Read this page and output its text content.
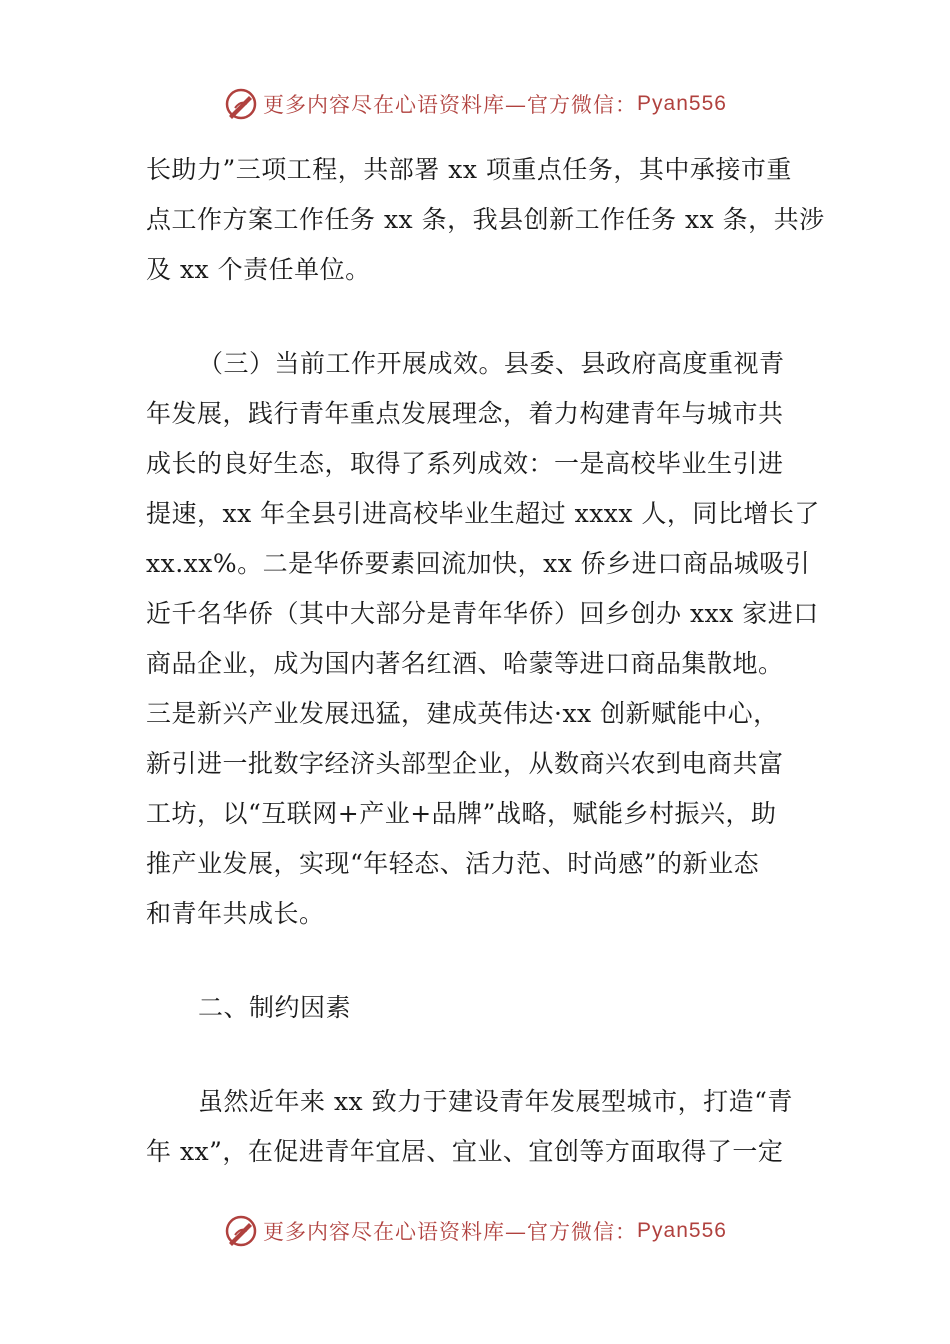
更多内容尽在心语资料库—官方微信： Pyan556
长助力”三项工程，共部署 xx 项重点任务，其中承接市重
点工作方案工作任务 xx 条，我县创新工作任务 xx 条，共涉
及 xx 个责任单位。
（三）当前工作开展成效。县委、县政府高度重视青
年发展，践行青年重点发展理念，着力构建青年与城市共
成长的良好生态，取得了系列成效：一是高校毕业生引进
提速，xx 年全县引进高校毕业生超过 xxxx 人，同比增长了
xx.xx%。二是华侨要素回流加快，xx 侨乡进口商品城吸引
近千名华侨（其中大部分是青年华侨）回乡创办 xxx 家进口
商品企业，成为国内著名红酒、哈蒙等进口商品集散地。
三是新兴产业发展迅猛，建成英伟达·xx 创新赋能中心，
新引进一批数字经济头部型企业，从数商兴农到电商共富
工坊，以“互联网+产业+品牌”战略，赋能乡村振兴，助
推产业发展，实现“年轻态、活力范、时尚感”的新业态
和青年共成长。
二、制约因素
虽然近年来 xx 致力于建设青年发展型城市，打造“青
年 xx”，在促进青年宜居、宜业、宜创等方面取得了一定
更多内容尽在心语资料库—官方微信： Pyan556
